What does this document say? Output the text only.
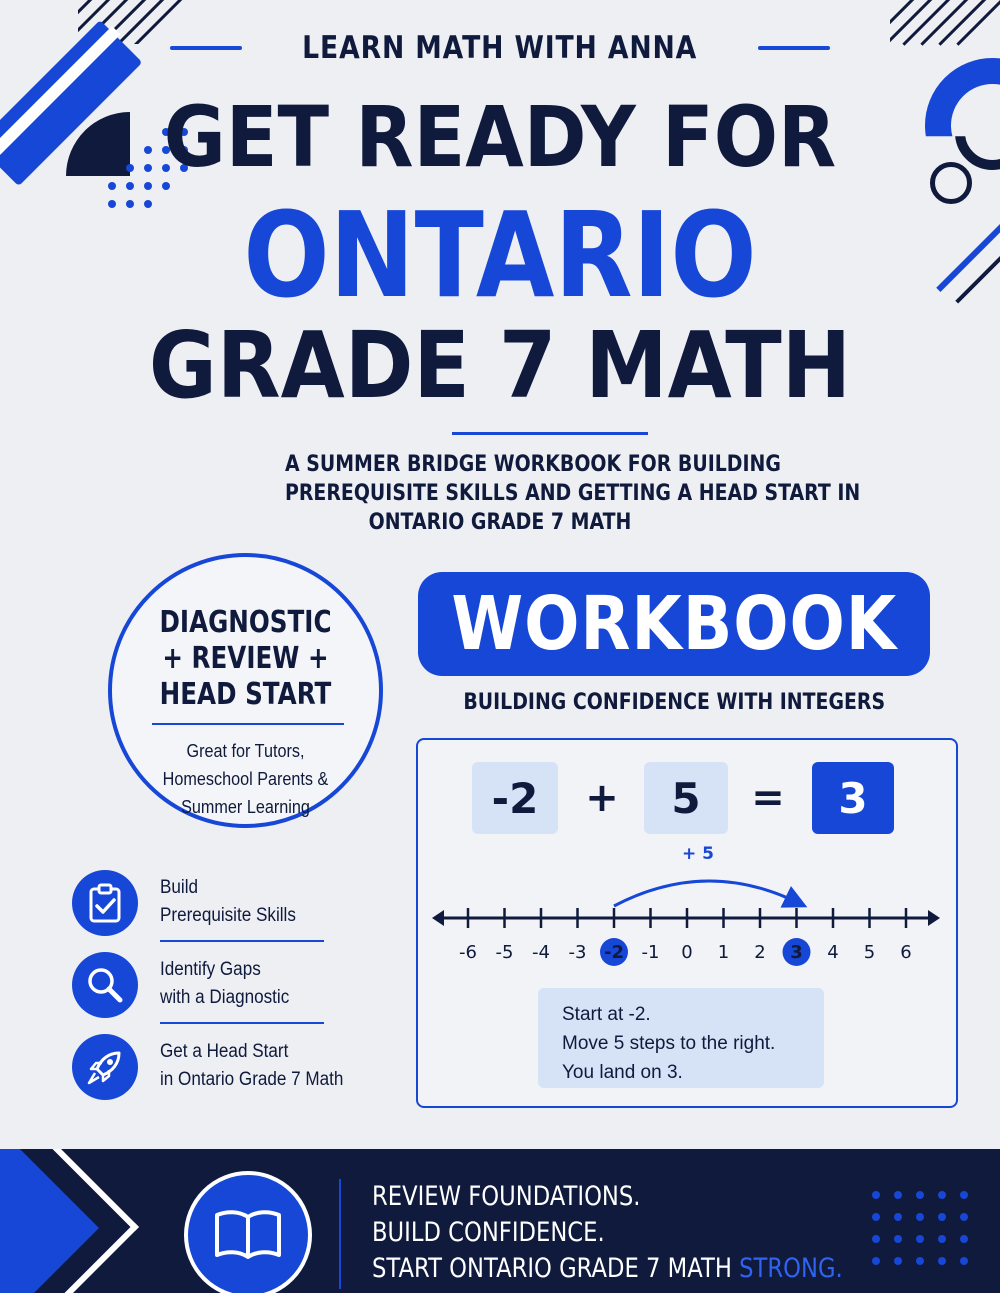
LEARN MATH WITH ANNA
GET READY FOR
ONTARIO
GRADE 7 MATH
A SUMMER BRIDGE WORKBOOK FOR BUILDING
PREREQUISITE SKILLS AND GETTING A HEAD START IN
ONTARIO GRADE 7 MATH
DIAGNOSTIC
+ REVIEW +
HEAD START
Great for Tutors,
Homeschool Parents &
Summer Learning
Build
Prerequisite Skills
Identify Gaps
with a Diagnostic
Get a Head Start
in Ontario Grade 7 Math
WORKBOOK
BUILDING CONFIDENCE WITH INTEGERS
-2	+	5	=	3
+ 5
-6 -5 -4 -3 -2 -1 0 1 2 3 4 5 6
Start at -2.
Move 5 steps to the right.
You land on 3.
REVIEW FOUNDATIONS.
BUILD CONFIDENCE.
START ONTARIO GRADE 7 MATH STRONG.
